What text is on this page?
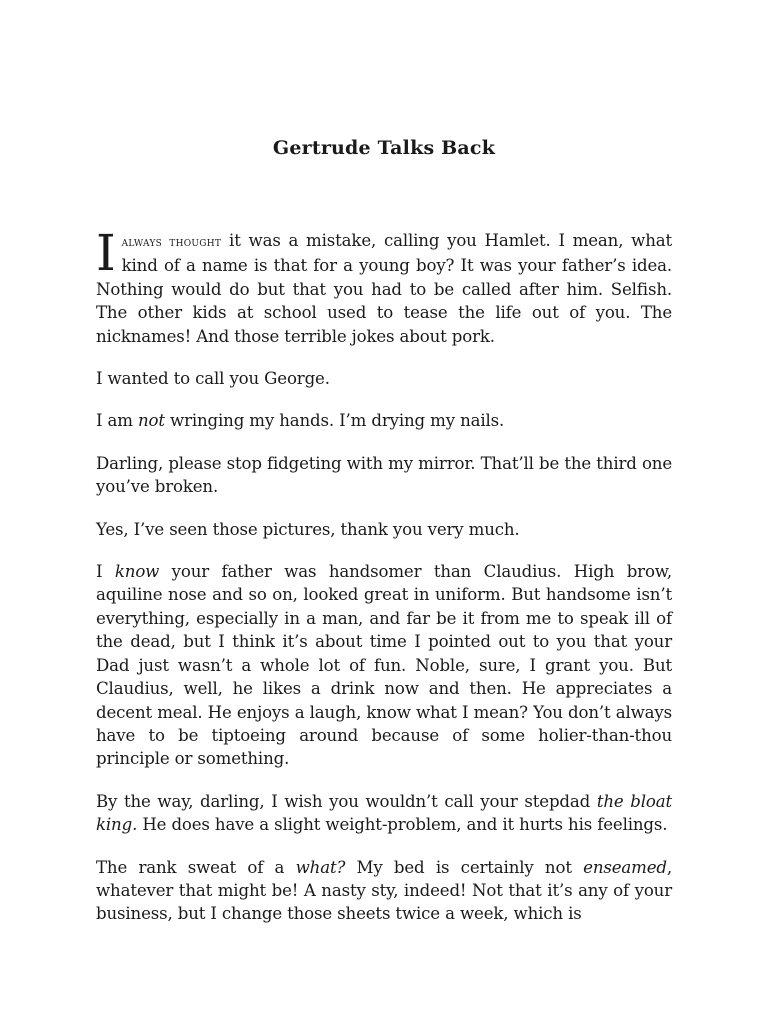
Gertrude Talks Back

Ialways thought it was a mistake, calling you Hamlet. I mean, what kind of a name is that for a young boy? It was your father’s idea. Nothing would do but that you had to be called after him. Selfish. The other kids at school used to tease the life out of you. The nicknames! And those terrible jokes about pork.

I wanted to call you George.

I am not wringing my hands. I’m drying my nails.

Darling, please stop fidgeting with my mirror. That’ll be the third one you’ve broken.

Yes, I’ve seen those pictures, thank you very much.

I know your father was handsomer than Claudius. High brow, aquiline nose and so on, looked great in uniform. But handsome isn’t everything, especially in a man, and far be it from me to speak ill of the dead, but I think it’s about time I pointed out to you that your Dad just wasn’t a whole lot of fun. Noble, sure, I grant you. But Claudius, well, he likes a drink now and then. He appreciates a decent meal. He enjoys a laugh, know what I mean? You don’t always have to be tiptoeing around because of some holier-than-thou principle or something.

By the way, darling, I wish you wouldn’t call your stepdad the bloat king. He does have a slight weight-problem, and it hurts his feelings.

The rank sweat of a what? My bed is certainly not enseamed, whatever that might be! A nasty sty, indeed! Not that it’s any of your business, but I change those sheets twice a week, which is
